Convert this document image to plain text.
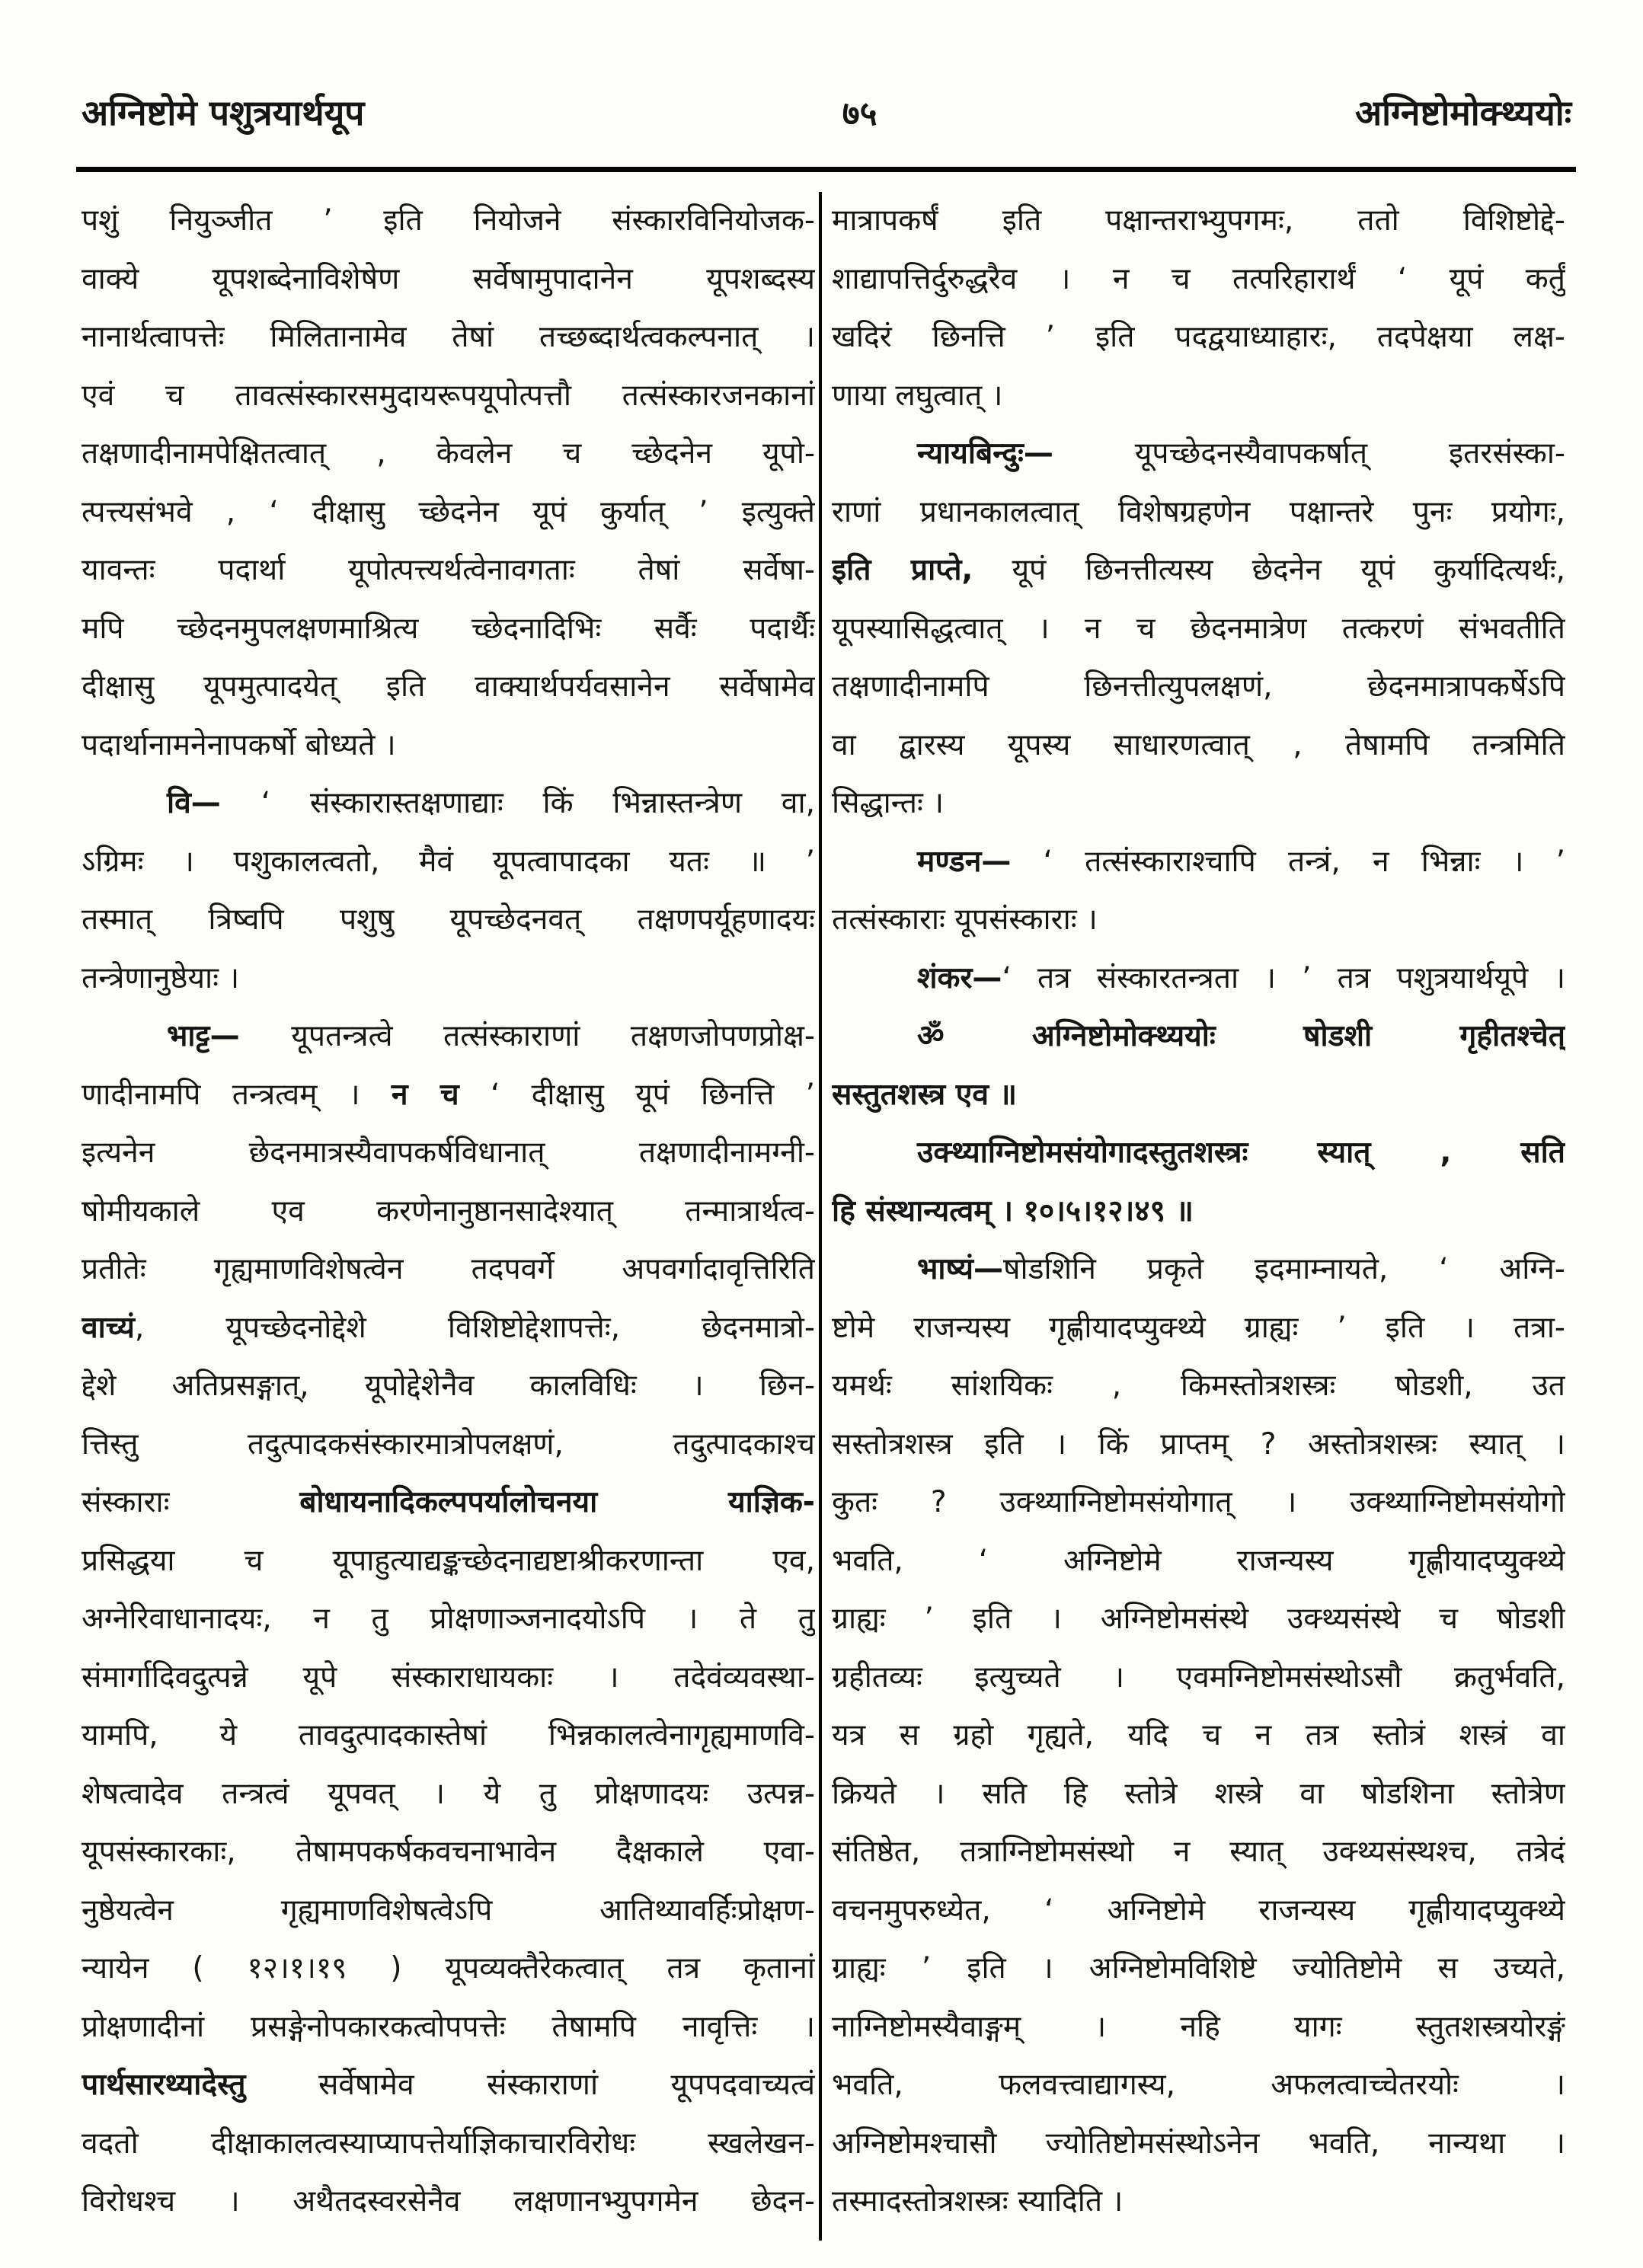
अग्निष्टोमे पशुत्रयार्थयूप	७५	अग्निष्टोमोक्थ्ययोः
पशुं नियुञ्जीत ’ इति नियोजने संस्कारविनियोजक-
वाक्ये यूपशब्देनाविशेषेण सर्वेषामुपादानेन यूपशब्दस्य
नानार्थत्वापत्तेः मिलितानामेव तेषां तच्छब्दार्थत्वकल्पनात् ।
एवं च तावत्संस्कारसमुदायरूपयूपोत्पत्तौ तत्संस्कारजनकानां
तक्षणादीनामपेक्षितत्वात् , केवलेन च च्छेदनेन यूपो-
त्पत्त्यसंभवे , ‘ दीक्षासु च्छेदनेन यूपं कुर्यात् ’ इत्युक्ते
यावन्तः पदार्था यूपोत्पत्त्यर्थत्वेनावगताः तेषां सर्वेषा-
मपि च्छेदनमुपलक्षणमाश्रित्य च्छेदनादिभिः सर्वैः पदार्थैः
दीक्षासु यूपमुत्पादयेत् इति वाक्यार्थपर्यवसानेन सर्वेषामेव
पदार्थानामनेनापकर्षो बोध्यते ।
वि— ‘ संस्कारास्तक्षणाद्याः किं भिन्नास्तन्त्रेण वा,
ऽग्रिमः । पशुकालत्वतो, मैवं यूपत्वापादका यतः ॥ ’
तस्मात् त्रिष्वपि पशुषु यूपच्छेदनवत् तक्षणपर्यूहणादयः
तन्त्रेणानुष्ठेयाः ।
भाट्ट— यूपतन्त्रत्वे तत्संस्काराणां तक्षणजोपणप्रोक्ष-
णादीनामपि तन्त्रत्वम् । न च ‘ दीक्षासु यूपं छिनत्ति ’
इत्यनेन छेदनमात्रस्यैवापकर्षविधानात् तक्षणादीनामग्नी-
षोमीयकाले एव करणेनानुष्ठानसादेश्यात् तन्मात्रार्थत्व-
प्रतीतेः गृह्यमाणविशेषत्वेन तदपवर्गे अपवर्गादावृत्तिरिति
वाच्यं, यूपच्छेदनोद्देशे विशिष्टोद्देशापत्तेः, छेदनमात्रो-
द्देशे अतिप्रसङ्गात्, यूपोद्देशेनैव कालविधिः । छिन-
त्तिस्तु तदुत्पादकसंस्कारमात्रोपलक्षणं, तदुत्पादकाश्च
संस्काराः बोधायनादिकल्पपर्यालोचनया याज्ञिक-
प्रसिद्धया च यूपाहुत्याद्यङ्कच्छेदनाद्यष्टाश्रीकरणान्ता एव,
अग्नेरिवाधानादयः, न तु प्रोक्षणाञ्जनादयोऽपि । ते तु
संमार्गादिवदुत्पन्ने यूपे संस्काराधायकाः । तदेवंव्यवस्था-
यामपि, ये तावदुत्पादकास्तेषां भिन्नकालत्वेनागृह्यमाणवि-
शेषत्वादेव तन्त्रत्वं यूपवत् । ये तु प्रोक्षणादयः उत्पन्न-
यूपसंस्कारकाः, तेषामपकर्षकवचनाभावेन दैक्षकाले एवा-
नुष्ठेयत्वेन गृह्यमाणविशेषत्वेऽपि आतिथ्यावर्हिःप्रोक्षण-
न्यायेन ( १२।१।१९ ) यूपव्यक्तैरेकत्वात् तत्र कृतानां
प्रोक्षणादीनां प्रसङ्गेनोपकारकत्वोपपत्तेः तेषामपि नावृत्तिः ।
पार्थसारथ्यादेस्तु सर्वेषामेव संस्काराणां यूपपदवाच्यत्वं
वदतो दीक्षाकालत्वस्याप्यापत्तेर्याज्ञिकाचारविरोधः स्खलेखन-
विरोधश्च । अथैतदस्वरसेनैव लक्षणानभ्युपगमेन छेदन-
मात्रापकर्षं इति पक्षान्तराभ्युपगमः, ततो विशिष्टोद्दे-
शाद्यापत्तिर्दुरुद्धरैव । न च तत्परिहारार्थं ‘ यूपं कर्तुं
खदिरं छिनत्ति ’ इति पदद्वयाध्याहारः, तदपेक्षया लक्ष-
णाया लघुत्वात् ।
न्यायबिन्दुः— यूपच्छेदनस्यैवापकर्षात् इतरसंस्का-
राणां प्रधानकालत्वात् विशेषग्रहणेन पक्षान्तरे पुनः प्रयोगः,
इति प्राप्ते, यूपं छिनत्तीत्यस्य छेदनेन यूपं कुर्यादित्यर्थः,
यूपस्यासिद्धत्वात् । न च छेदनमात्रेण तत्करणं संभवतीति
तक्षणादीनामपि छिनत्तीत्युपलक्षणं, छेदनमात्रापकर्षेऽपि
वा द्वारस्य यूपस्य साधारणत्वात् , तेषामपि तन्त्रमिति
सिद्धान्तः ।
मण्डन— ‘ तत्संस्काराश्चापि तन्त्रं, न भिन्नाः । ’
तत्संस्काराः यूपसंस्काराः ।
शंकर—‘ तत्र संस्कारतन्त्रता । ’ तत्र पशुत्रयार्थयूपे ।
ॐ अग्निष्टोमोक्थ्ययोः षोडशी गृहीतश्चेत्
सस्तुतशस्त्र एव ॥
उक्थ्याग्निष्टोमसंयोगादस्तुतशस्त्रः स्यात् , सति
हि संस्थान्यत्वम् । १०।५।१२।४९ ॥
भाष्यं—षोडशिनि प्रकृते इदमाम्नायते, ‘ अग्नि-
ष्टोमे राजन्यस्य गृह्णीयादप्युक्थ्ये ग्राह्यः ’ इति । तत्रा-
यमर्थः सांशयिकः , किमस्तोत्रशस्त्रः षोडशी, उत
सस्तोत्रशस्त्र इति । किं प्राप्तम् ? अस्तोत्रशस्त्रः स्यात् ।
कुतः ? उक्थ्याग्निष्टोमसंयोगात् । उक्थ्याग्निष्टोमसंयोगो
भवति, ‘ अग्निष्टोमे राजन्यस्य गृह्णीयादप्युक्थ्ये
ग्राह्यः ’ इति । अग्निष्टोमसंस्थे उक्थ्यसंस्थे च षोडशी
ग्रहीतव्यः इत्युच्यते । एवमग्निष्टोमसंस्थोऽसौ क्रतुर्भवति,
यत्र स ग्रहो गृह्यते, यदि च न तत्र स्तोत्रं शस्त्रं वा
क्रियते । सति हि स्तोत्रे शस्त्रे वा षोडशिना स्तोत्रेण
संतिष्ठेत, तत्राग्निष्टोमसंस्थो न स्यात् उक्थ्यसंस्थश्च, तत्रेदं
वचनमुपरुध्येत, ‘ अग्निष्टोमे राजन्यस्य गृह्णीयादप्युक्थ्ये
ग्राह्यः ’ इति । अग्निष्टोमविशिष्टे ज्योतिष्टोमे स उच्यते,
नाग्निष्टोमस्यैवाङ्गम् । नहि यागः स्तुतशस्त्रयोरङ्गं
भवति, फलवत्त्वाद्यागस्य, अफलत्वाच्चेतरयोः ।
अग्निष्टोमश्चासौ ज्योतिष्टोमसंस्थोऽनेन भवति, नान्यथा ।
तस्मादस्तोत्रशस्त्रः स्यादिति ।
